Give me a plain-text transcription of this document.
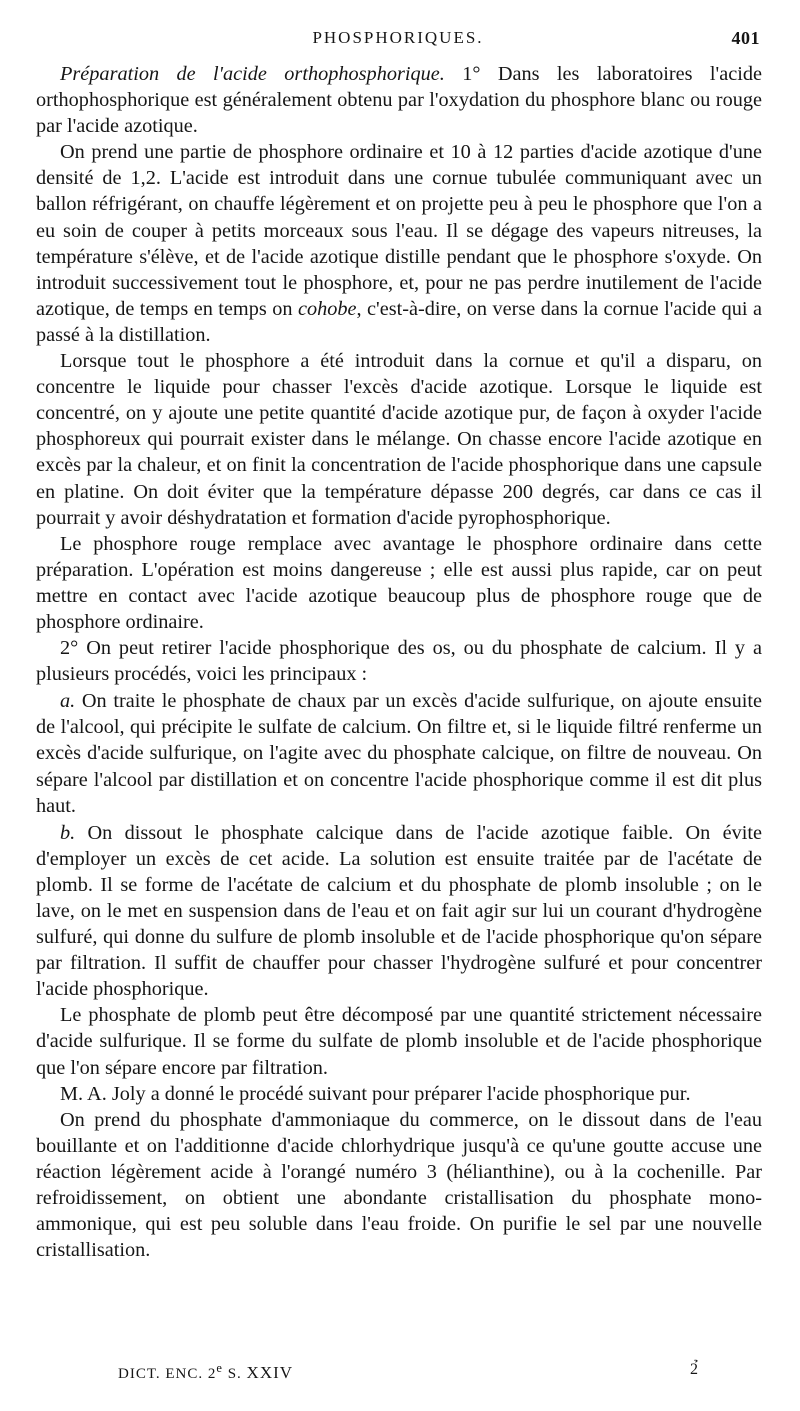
PHOSPHORIQUES.	401

Préparation de l'acide orthophosphorique. 1° Dans les laboratoires l'acide orthophosphorique est généralement obtenu par l'oxydation du phosphore blanc ou rouge par l'acide azotique.

On prend une partie de phosphore ordinaire et 10 à 12 parties d'acide azotique d'une densité de 1,2. L'acide est introduit dans une cornue tubulée communiquant avec un ballon réfrigérant, on chauffe légèrement et on projette peu à peu le phosphore que l'on a eu soin de couper à petits morceaux sous l'eau. Il se dégage des vapeurs nitreuses, la température s'élève, et de l'acide azotique distille pendant que le phosphore s'oxyde. On introduit successivement tout le phosphore, et, pour ne pas perdre inutilement de l'acide azotique, de temps en temps on cohobe, c'est-à-dire, on verse dans la cornue l'acide qui a passé à la distillation.

Lorsque tout le phosphore a été introduit dans la cornue et qu'il a disparu, on concentre le liquide pour chasser l'excès d'acide azotique. Lorsque le liquide est concentré, on y ajoute une petite quantité d'acide azotique pur, de façon à oxyder l'acide phosphoreux qui pourrait exister dans le mélange. On chasse encore l'acide azotique en excès par la chaleur, et on finit la concentration de l'acide phosphorique dans une capsule en platine. On doit éviter que la température dépasse 200 degrés, car dans ce cas il pourrait y avoir déshydratation et formation d'acide pyrophosphorique.

Le phosphore rouge remplace avec avantage le phosphore ordinaire dans cette préparation. L'opération est moins dangereuse ; elle est aussi plus rapide, car on peut mettre en contact avec l'acide azotique beaucoup plus de phosphore rouge que de phosphore ordinaire.

2° On peut retirer l'acide phosphorique des os, ou du phosphate de calcium. Il y a plusieurs procédés, voici les principaux :

a. On traite le phosphate de chaux par un excès d'acide sulfurique, on ajoute ensuite de l'alcool, qui précipite le sulfate de calcium. On filtre et, si le liquide filtré renferme un excès d'acide sulfurique, on l'agite avec du phosphate calcique, on filtre de nouveau. On sépare l'alcool par distillation et on concentre l'acide phosphorique comme il est dit plus haut.

b. On dissout le phosphate calcique dans de l'acide azotique faible. On évite d'employer un excès de cet acide. La solution est ensuite traitée par de l'acétate de plomb. Il se forme de l'acétate de calcium et du phosphate de plomb insoluble ; on le lave, on le met en suspension dans de l'eau et on fait agir sur lui un courant d'hydrogène sulfuré, qui donne du sulfure de plomb insoluble et de l'acide phosphorique qu'on sépare par filtration. Il suffit de chauffer pour chasser l'hydrogène sulfuré et pour concentrer l'acide phosphorique.

Le phosphate de plomb peut être décomposé par une quantité strictement nécessaire d'acide sulfurique. Il se forme du sulfate de plomb insoluble et de l'acide phosphorique que l'on sépare encore par filtration.

M. A. Joly a donné le procédé suivant pour préparer l'acide phosphorique pur.

On prend du phosphate d'ammoniaque du commerce, on le dissout dans de l'eau bouillante et on l'additionne d'acide chlorhydrique jusqu'à ce qu'une goutte accuse une réaction légèrement acide à l'orangé numéro 3 (hélianthine), ou à la cochenille. Par refroidissement, on obtient une abondante cristallisation du phosphate mono-ammonique, qui est peu soluble dans l'eau froide. On purifie le sel par une nouvelle cristallisation.

DICT. ENC. 2e S. XXIV	2̉
